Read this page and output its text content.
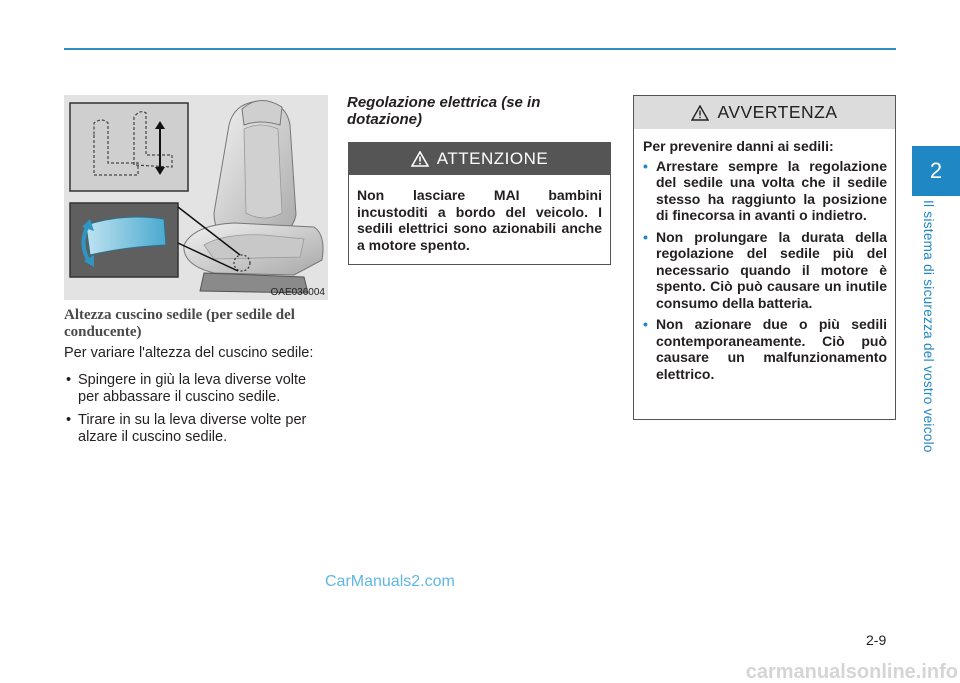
2
Il sistema di sicurezza del vostro veicolo
OAE036004
Altezza cuscino sedile (per sedile del conducente)

Per variare l'altezza del cuscino sedile:

• Spingere in giù la leva diverse volte per abbassare il cuscino sedile.
• Tirare in su la leva diverse volte per alzare il cuscino sedile.
Regolazione elettrica (se in dotazione)
ATTENZIONE
Non lasciare MAI bambini incustoditi a bordo del veicolo. I sedili elettrici sono azionabili anche a motore spento.
AVVERTENZA

Per prevenire danni ai sedili:

• Arrestare sempre la regolazione del sedile una volta che il sedile stesso ha raggiunto la posizione di finecorsa in avanti o indietro.
• Non prolungare la durata della regolazione del sedile più del necessario quando il motore è spento. Ciò può causare un inutile consumo della batteria.
• Non azionare due o più sedili contemporaneamente. Ciò può causare un malfunzionamento elettrico.
CarManuals2.com
2-9
carmanualsonline.info
